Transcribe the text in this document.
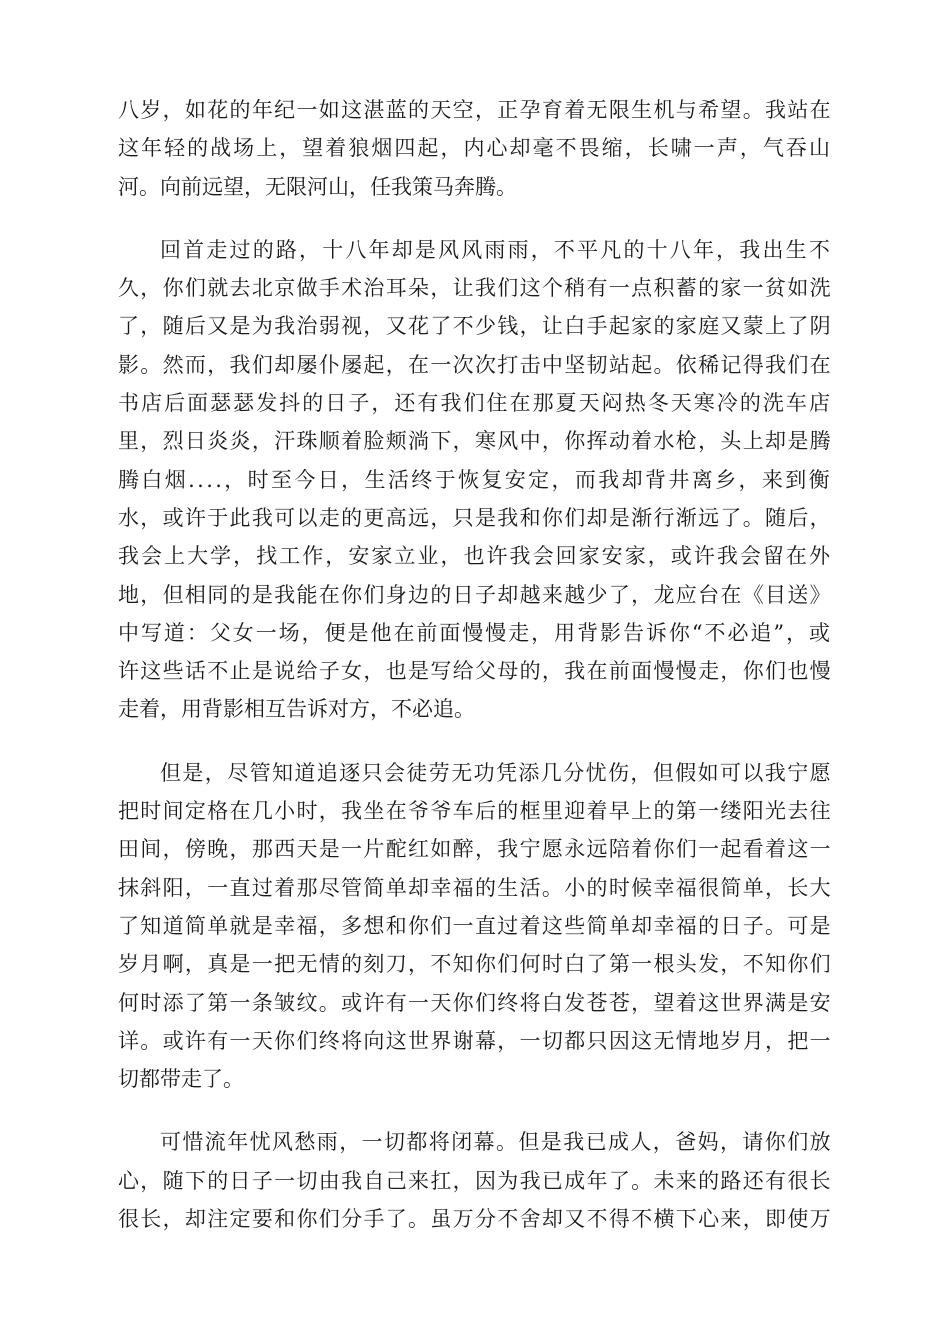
八岁，如花的年纪一如这湛蓝的天空，正孕育着无限生机与希望。我站在
这年轻的战场上，望着狼烟四起，内心却毫不畏缩，长啸一声，气吞山
河。向前远望，无限河山，任我策马奔腾。

回首走过的路，十八年却是风风雨雨，不平凡的十八年，我出生不
久，你们就去北京做手术治耳朵，让我们这个稍有一点积蓄的家一贫如洗
了，随后又是为我治弱视，又花了不少钱，让白手起家的家庭又蒙上了阴
影。然而，我们却屡仆屡起，在一次次打击中坚韧站起。依稀记得我们在
书店后面瑟瑟发抖的日子，还有我们住在那夏天闷热冬天寒冷的洗车店
里，烈日炎炎，汗珠顺着脸颊淌下，寒风中，你挥动着水枪，头上却是腾
腾白烟....，时至今日，生活终于恢复安定，而我却背井离乡，来到衡
水，或许于此我可以走的更高远，只是我和你们却是渐行渐远了。随后，
我会上大学，找工作，安家立业，也许我会回家安家，或许我会留在外
地，但相同的是我能在你们身边的日子却越来越少了，龙应台在《目送》
中写道：父女一场，便是他在前面慢慢走，用背影告诉你“不必追”，或
许这些话不止是说给子女，也是写给父母的，我在前面慢慢走，你们也慢
走着，用背影相互告诉对方，不必追。

但是，尽管知道追逐只会徒劳无功凭添几分忧伤，但假如可以我宁愿
把时间定格在几小时，我坐在爷爷车后的框里迎着早上的第一缕阳光去往
田间，傍晚，那西天是一片酡红如醉，我宁愿永远陪着你们一起看着这一
抹斜阳，一直过着那尽管简单却幸福的生活。小的时候幸福很简单，长大
了知道简单就是幸福，多想和你们一直过着这些简单却幸福的日子。可是
岁月啊，真是一把无情的刻刀，不知你们何时白了第一根头发，不知你们
何时添了第一条皱纹。或许有一天你们终将白发苍苍，望着这世界满是安
详。或许有一天你们终将向这世界谢幕，一切都只因这无情地岁月，把一
切都带走了。

可惜流年忧风愁雨，一切都将闭幕。但是我已成人，爸妈，请你们放
心，随下的日子一切由我自己来扛，因为我已成年了。未来的路还有很长
很长，却注定要和你们分手了。虽万分不舍却又不得不横下心来，即使万
